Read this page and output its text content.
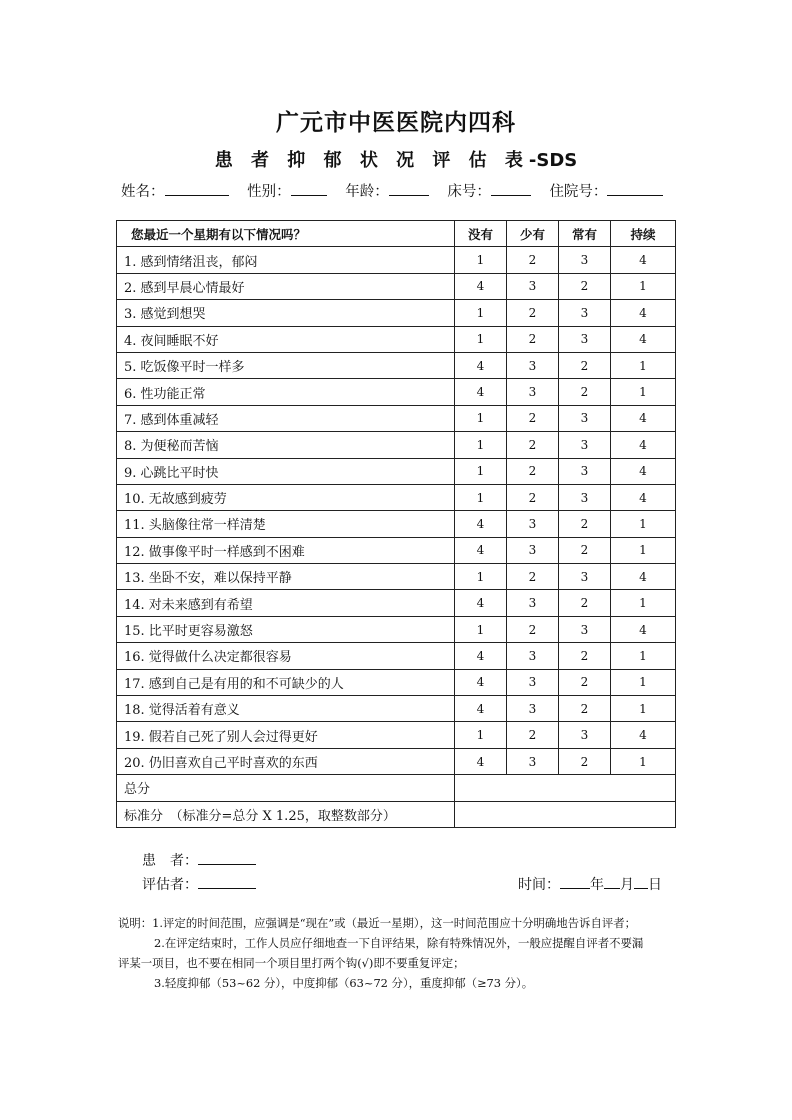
广元市中医医院内四科
患 者 抑 郁 状 况 评 估 表-SDS
姓名：	性别：	年龄：	床号：	住院号：
您最近一个星期有以下情况吗？	没有	少有	常有	持续
1. 感到情绪沮丧，郁闷	1	2	3	4
2. 感到早晨心情最好	4	3	2	1
3. 感觉到想哭	1	2	3	4
4. 夜间睡眠不好	1	2	3	4
5. 吃饭像平时一样多	4	3	2	1
6. 性功能正常	4	3	2	1
7. 感到体重减轻	1	2	3	4
8. 为便秘而苦恼	1	2	3	4
9. 心跳比平时快	1	2	3	4
10. 无故感到疲劳	1	2	3	4
11. 头脑像往常一样清楚	4	3	2	1
12. 做事像平时一样感到不困难	4	3	2	1
13. 坐卧不安，难以保持平静	1	2	3	4
14. 对未来感到有希望	4	3	2	1
15. 比平时更容易激怒	1	2	3	4
16. 觉得做什么决定都很容易	4	3	2	1
17. 感到自己是有用的和不可缺少的人	4	3	2	1
18. 觉得活着有意义	4	3	2	1
19. 假若自己死了别人会过得更好	1	2	3	4
20. 仍旧喜欢自己平时喜欢的东西	4	3	2	1
总分				
标准分　（标准分=总分 X 1.25，取整数部分）				
患　者：
评估者：	时间： 年 月 日
说明：1.评定的时间范围，应强调是“现在”或（最近一星期），这一时间范围应十分明确地告诉自评者；
2.在评定结束时，工作人员应仔细地查一下自评结果，除有特殊情况外，一般应提醒自评者不要漏
评某一项目，也不要在相同一个项目里打两个钩(√)即不要重复评定；
3.轻度抑郁（53~62 分），中度抑郁（63~72 分），重度抑郁（≥73 分）。
